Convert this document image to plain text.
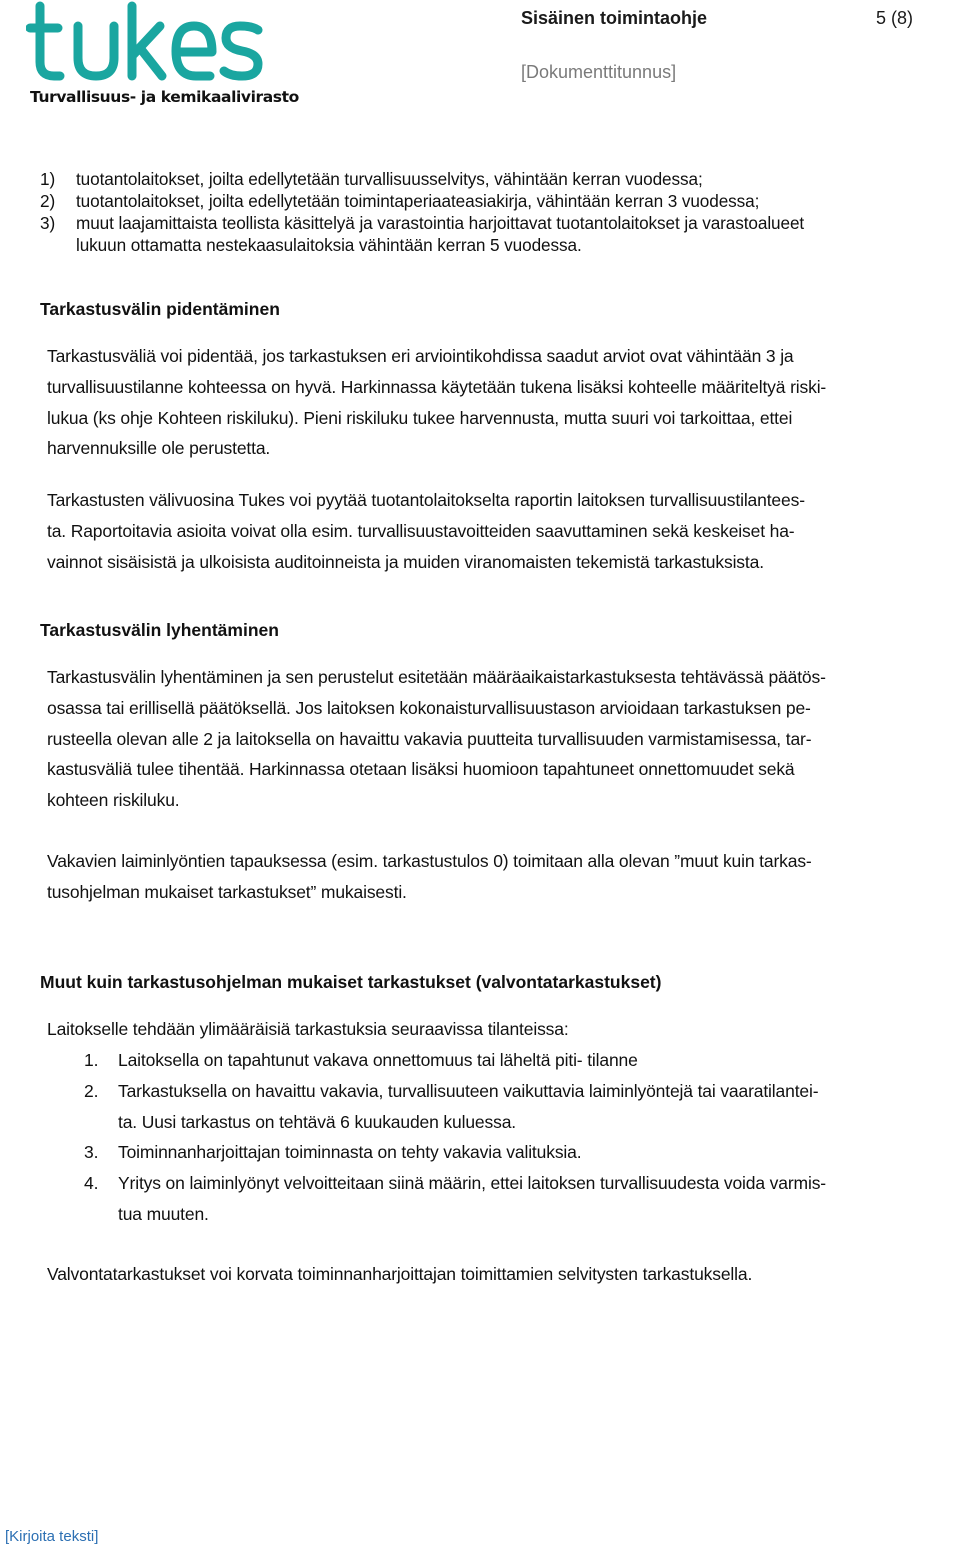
Turvallisuus- ja kemikaalivirasto
Sisäinen toimintaohje	5 (8)
[Dokumenttitunnus]
1)	tuotantolaitokset, joilta edellytetään turvallisuusselvitys, vähintään kerran vuodessa;
2)	tuotantolaitokset, joilta edellytetään toimintaperiaateasiakirja, vähintään kerran 3 vuodessa;
3)	muut laajamittaista teollista käsittelyä ja varastointia harjoittavat tuotantolaitokset ja varastoalueet
lukuun ottamatta nestekaasulaitoksia vähintään kerran 5 vuodessa.
Tarkastusvälin pidentäminen
Tarkastusväliä voi pidentää, jos tarkastuksen eri arviointikohdissa saadut arviot ovat vähintään 3 ja
turvallisuustilanne kohteessa on hyvä. Harkinnassa käytetään tukena lisäksi kohteelle määriteltyä riski-
lukua (ks ohje Kohteen riskiluku). Pieni riskiluku tukee harvennusta, mutta suuri voi tarkoittaa, ettei
harvennuksille ole perustetta.
Tarkastusten välivuosina Tukes voi pyytää tuotantolaitokselta raportin laitoksen turvallisuustilantees-
ta. Raportoitavia asioita voivat olla esim. turvallisuustavoitteiden saavuttaminen sekä keskeiset ha-
vainnot sisäisistä ja ulkoisista auditoinneista ja muiden viranomaisten tekemistä tarkastuksista.
Tarkastusvälin lyhentäminen
Tarkastusvälin lyhentäminen ja sen perustelut esitetään määräaikaistarkastuksesta tehtävässä päätös-
osassa tai erillisellä päätöksellä. Jos laitoksen kokonaisturvallisuustason arvioidaan tarkastuksen pe-
rusteella olevan alle 2 ja laitoksella on havaittu vakavia puutteita turvallisuuden varmistamisessa, tar-
kastusväliä tulee tihentää. Harkinnassa otetaan lisäksi huomioon tapahtuneet onnettomuudet sekä
kohteen riskiluku.
Vakavien laiminlyöntien tapauksessa (esim. tarkastustulos 0) toimitaan alla olevan ”muut kuin tarkas-
tusohjelman mukaiset tarkastukset” mukaisesti.
Muut kuin tarkastusohjelman mukaiset tarkastukset (valvontatarkastukset)
Laitokselle tehdään ylimääräisiä tarkastuksia seuraavissa tilanteissa:
1.	Laitoksella on tapahtunut vakava onnettomuus tai läheltä piti- tilanne
2.	Tarkastuksella on havaittu vakavia, turvallisuuteen vaikuttavia laiminlyöntejä tai vaaratilantei-
ta. Uusi tarkastus on tehtävä 6 kuukauden kuluessa.
3.	Toiminnanharjoittajan toiminnasta on tehty vakavia valituksia.
4.	Yritys on laiminlyönyt velvoitteitaan siinä määrin, ettei laitoksen turvallisuudesta voida varmis-
tua muuten.
Valvontatarkastukset voi korvata toiminnanharjoittajan toimittamien selvitysten tarkastuksella.
[Kirjoita teksti]
